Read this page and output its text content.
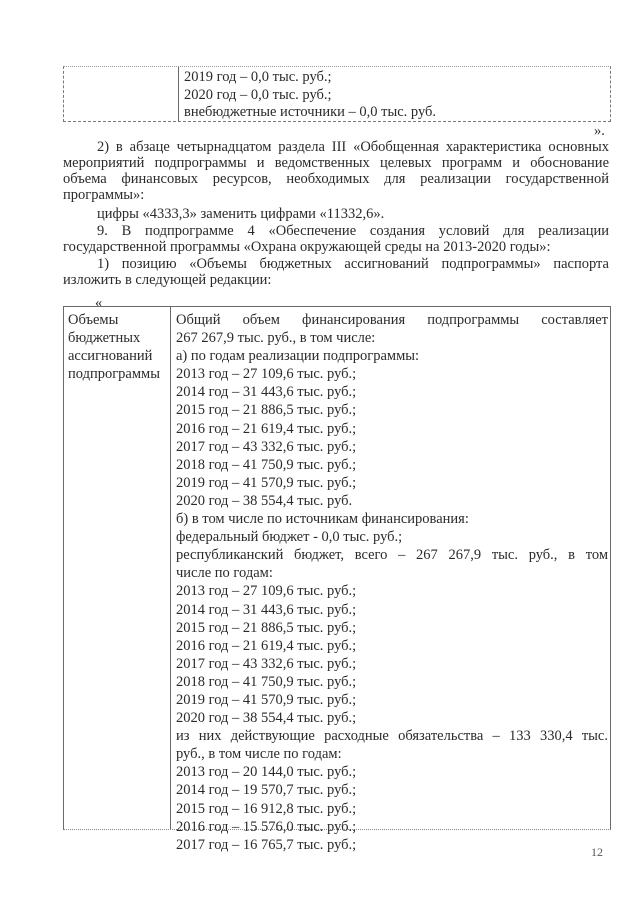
2019 год – 0,0 тыс. руб.;
2020 год – 0,0 тыс. руб.;
внебюджетные источники – 0,0 тыс. руб.
».

2) в абзаце четырнадцатом раздела III «Обобщенная характеристика основных мероприятий подпрограммы и ведомственных целевых программ и обоснование объема финансовых ресурсов, необходимых для реализации государственной программы»:

цифры «4333,3» заменить цифрами «11332,6».

9. В подпрограмме 4 «Обеспечение создания условий для реализации государственной программы «Охрана окружающей среды на 2013-2020 годы»:

1) позицию «Объемы бюджетных ассигнований подпрограммы» паспорта изложить в следующей редакции:

«
Объемы
бюджетных
ассигнований
подпрограммы
Общий объем финансирования подпрограммы составляет
267 267,9 тыс. руб., в том числе:
а) по годам реализации подпрограммы:
2013 год – 27 109,6 тыс. руб.;
2014 год – 31 443,6 тыс. руб.;
2015 год – 21 886,5 тыс. руб.;
2016 год – 21 619,4 тыс. руб.;
2017 год – 43 332,6 тыс. руб.;
2018 год – 41 750,9 тыс. руб.;
2019 год – 41 570,9 тыс. руб.;
2020 год – 38 554,4 тыс. руб.
б) в том числе по источникам финансирования:
федеральный бюджет - 0,0 тыс. руб.;
республиканский бюджет, всего – 267 267,9 тыс. руб., в том
числе по годам:
2013 год – 27 109,6 тыс. руб.;
2014 год – 31 443,6 тыс. руб.;
2015 год – 21 886,5 тыс. руб.;
2016 год – 21 619,4 тыс. руб.;
2017 год – 43 332,6 тыс. руб.;
2018 год – 41 750,9 тыс. руб.;
2019 год – 41 570,9 тыс. руб.;
2020 год – 38 554,4 тыс. руб.;
из них действующие расходные обязательства – 133 330,4 тыс.
руб., в том числе по годам:
2013 год – 20 144,0 тыс. руб.;
2014 год – 19 570,7 тыс. руб.;
2015 год – 16 912,8 тыс. руб.;
2016 год – 15 576,0 тыс. руб.;
2017 год – 16 765,7 тыс. руб.;	12
